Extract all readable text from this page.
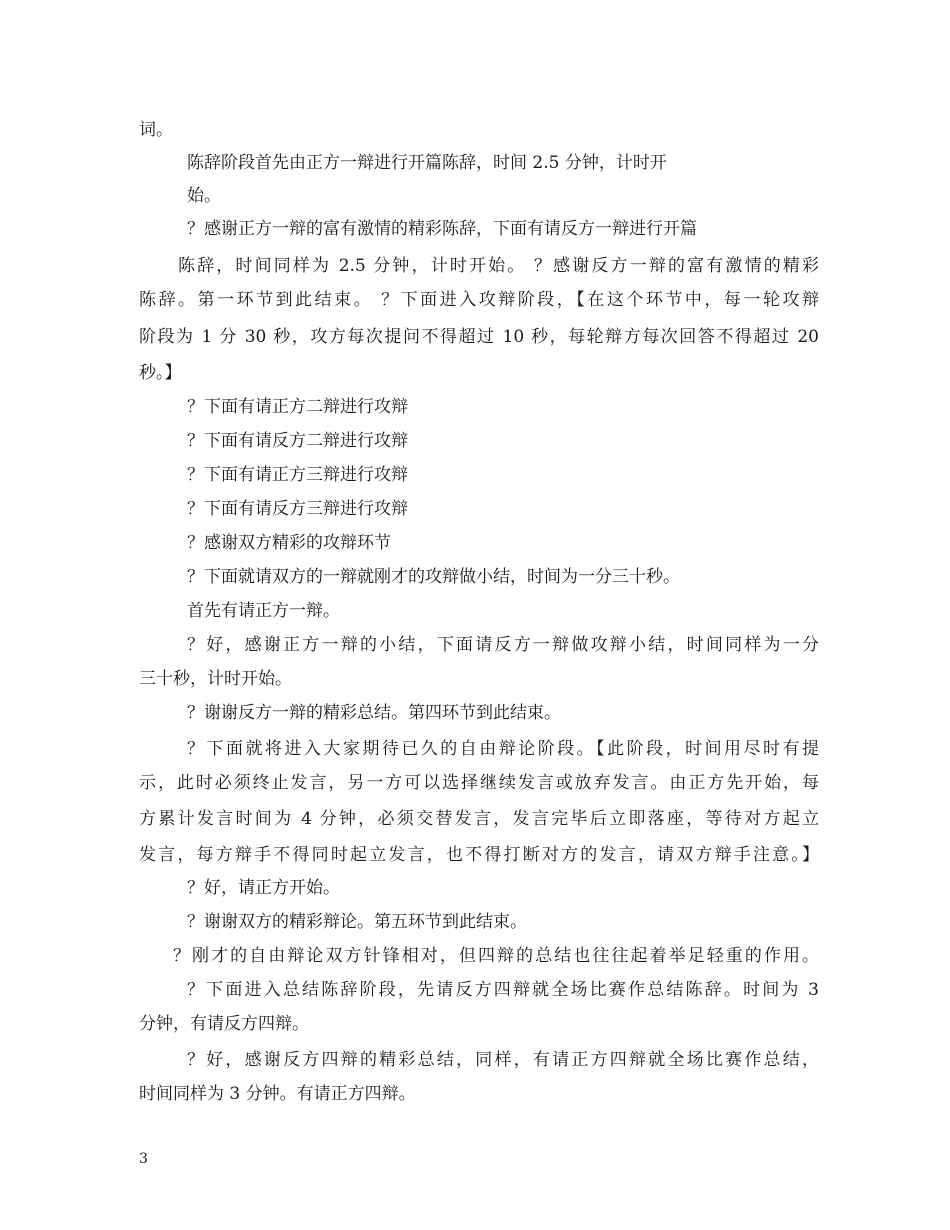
词。
陈辞阶段首先由正方一辩进行开篇陈辞，时间 2.5 分钟，计时开
始。
？感谢正方一辩的富有激情的精彩陈辞，下面有请反方一辩进行开篇
陈辞，时间同样为 2.5 分钟，计时开始。 ？感谢反方一辩的富有激情的精彩
陈辞。第一环节到此结束。 ？下面进入攻辩阶段，【在这个环节中，每一轮攻辩
阶段为 1 分 30 秒，攻方每次提问不得超过 10 秒，每轮辩方每次回答不得超过 20
秒。】
？下面有请正方二辩进行攻辩
？下面有请反方二辩进行攻辩
？下面有请正方三辩进行攻辩
？下面有请反方三辩进行攻辩
？感谢双方精彩的攻辩环节
？下面就请双方的一辩就刚才的攻辩做小结，时间为一分三十秒。
首先有请正方一辩。
？好，感谢正方一辩的小结，下面请反方一辩做攻辩小结，时间同样为一分
三十秒，计时开始。
？谢谢反方一辩的精彩总结。第四环节到此结束。
？下面就将进入大家期待已久的自由辩论阶段。【此阶段，时间用尽时有提
示，此时必须终止发言，另一方可以选择继续发言或放弃发言。由正方先开始，每
方累计发言时间为 4 分钟，必须交替发言，发言完毕后立即落座，等待对方起立
发言，每方辩手不得同时起立发言，也不得打断对方的发言，请双方辩手注意。】
？好，请正方开始。
？谢谢双方的精彩辩论。第五环节到此结束。
？刚才的自由辩论双方针锋相对，但四辩的总结也往往起着举足轻重的作用。
？下面进入总结陈辞阶段，先请反方四辩就全场比赛作总结陈辞。时间为 3
分钟，有请反方四辩。
？好，感谢反方四辩的精彩总结，同样，有请正方四辩就全场比赛作总结，
时间同样为 3 分钟。有请正方四辩。
3
